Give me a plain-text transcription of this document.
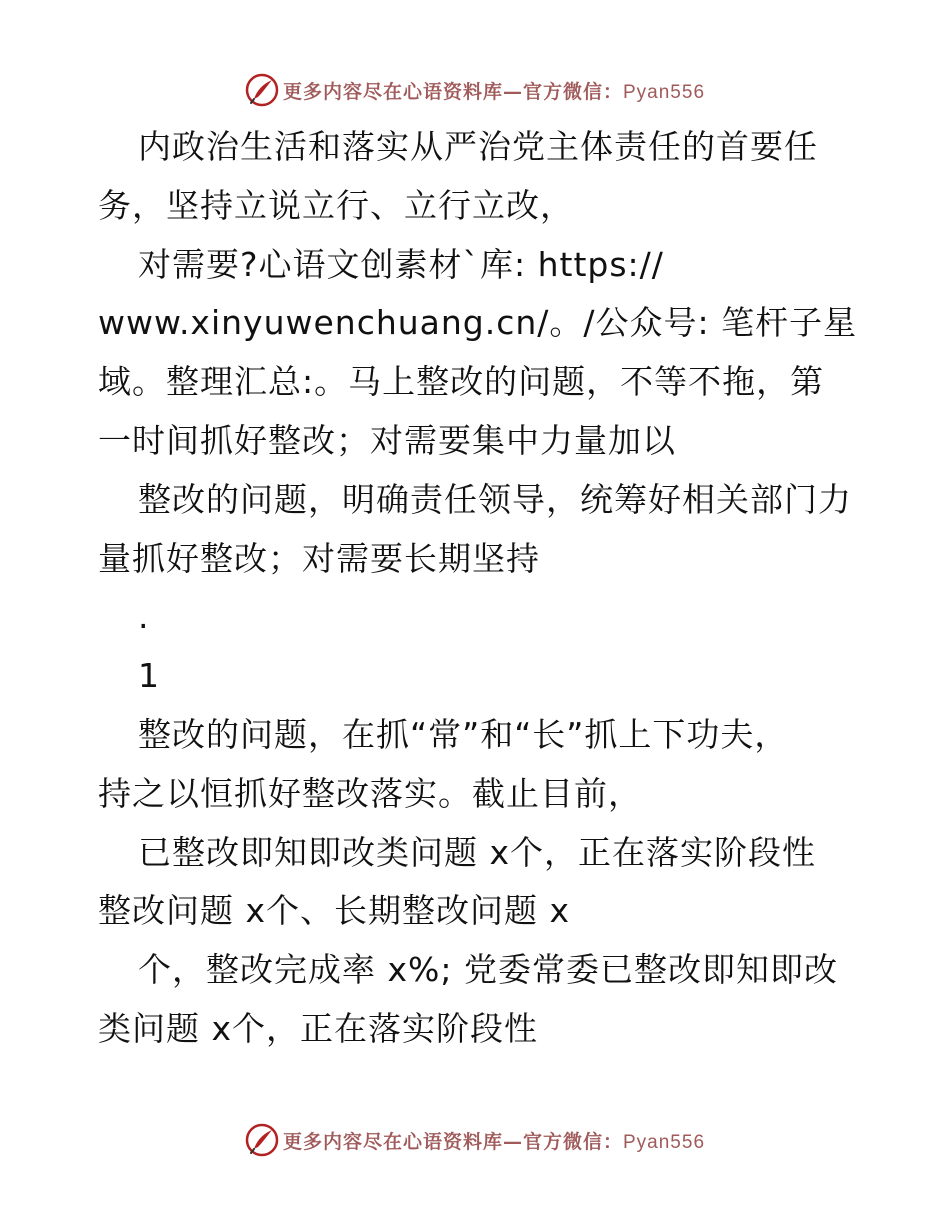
更多内容尽在心语资料库—官方微信：Pyan556
内政治生活和落实从严治党主体责任的首要任
务，坚持立说立行、立行立改，
对需要?心语文创素材`库: https://
www.xinyuwenchuang.cn/。/公众号: 笔杆子星
域。整理汇总:。马上整改的问题，不等不拖，第
一时间抓好整改；对需要集中力量加以
整改的问题，明确责任领导，统筹好相关部门力
量抓好整改；对需要长期坚持
.
1
整改的问题，在抓“常”和“长”抓上下功夫，
持之以恒抓好整改落实。截止目前，
已整改即知即改类问题 x个，正在落实阶段性
整改问题 x个、长期整改问题 x
个，整改完成率 x%; 党委常委已整改即知即改
类问题 x个，正在落实阶段性
更多内容尽在心语资料库—官方微信：Pyan556
